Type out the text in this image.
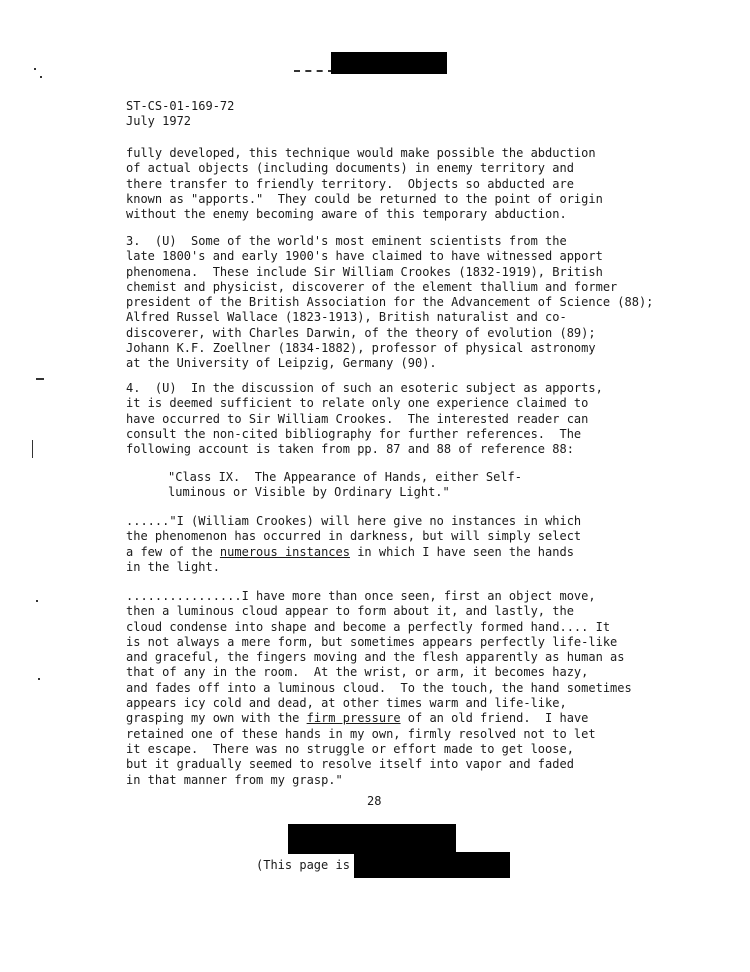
ST-CS-01-169-72
July 1972
fully developed, this technique would make possible the abduction
of actual objects (including documents) in enemy territory and
there transfer to friendly territory.  Objects so abducted are
known as "apports."  They could be returned to the point of origin
without the enemy becoming aware of this temporary abduction.
3.  (U)  Some of the world's most eminent scientists from the
late 1800's and early 1900's have claimed to have witnessed apport
phenomena.  These include Sir William Crookes (1832-1919), British
chemist and physicist, discoverer of the element thallium and former
president of the British Association for the Advancement of Science (88);
Alfred Russel Wallace (1823-1913), British naturalist and co-
discoverer, with Charles Darwin, of the theory of evolution (89);
Johann K.F. Zoellner (1834-1882), professor of physical astronomy
at the University of Leipzig, Germany (90).
4.  (U)  In the discussion of such an esoteric subject as apports,
it is deemed sufficient to relate only one experience claimed to
have occurred to Sir William Crookes.  The interested reader can
consult the non-cited bibliography for further references.  The
following account is taken from pp. 87 and 88 of reference 88:
"Class IX.  The Appearance of Hands, either Self-
luminous or Visible by Ordinary Light."
......"I (William Crookes) will here give no instances in which
the phenomenon has occurred in darkness, but will simply select
a few of the numerous instances in which I have seen the hands
in the light.
................I have more than once seen, first an object move,
then a luminous cloud appear to form about it, and lastly, the
cloud condense into shape and become a perfectly formed hand.... It
is not always a mere form, but sometimes appears perfectly life-like
and graceful, the fingers moving and the flesh apparently as human as
that of any in the room.  At the wrist, or arm, it becomes hazy,
and fades off into a luminous cloud.  To the touch, the hand sometimes
appears icy cold and dead, at other times warm and life-like,
grasping my own with the firm pressure of an old friend.  I have
retained one of these hands in my own, firmly resolved not to let
it escape.  There was no struggle or effort made to get loose,
but it gradually seemed to resolve itself into vapor and faded
in that manner from my grasp."
28
(This page is
